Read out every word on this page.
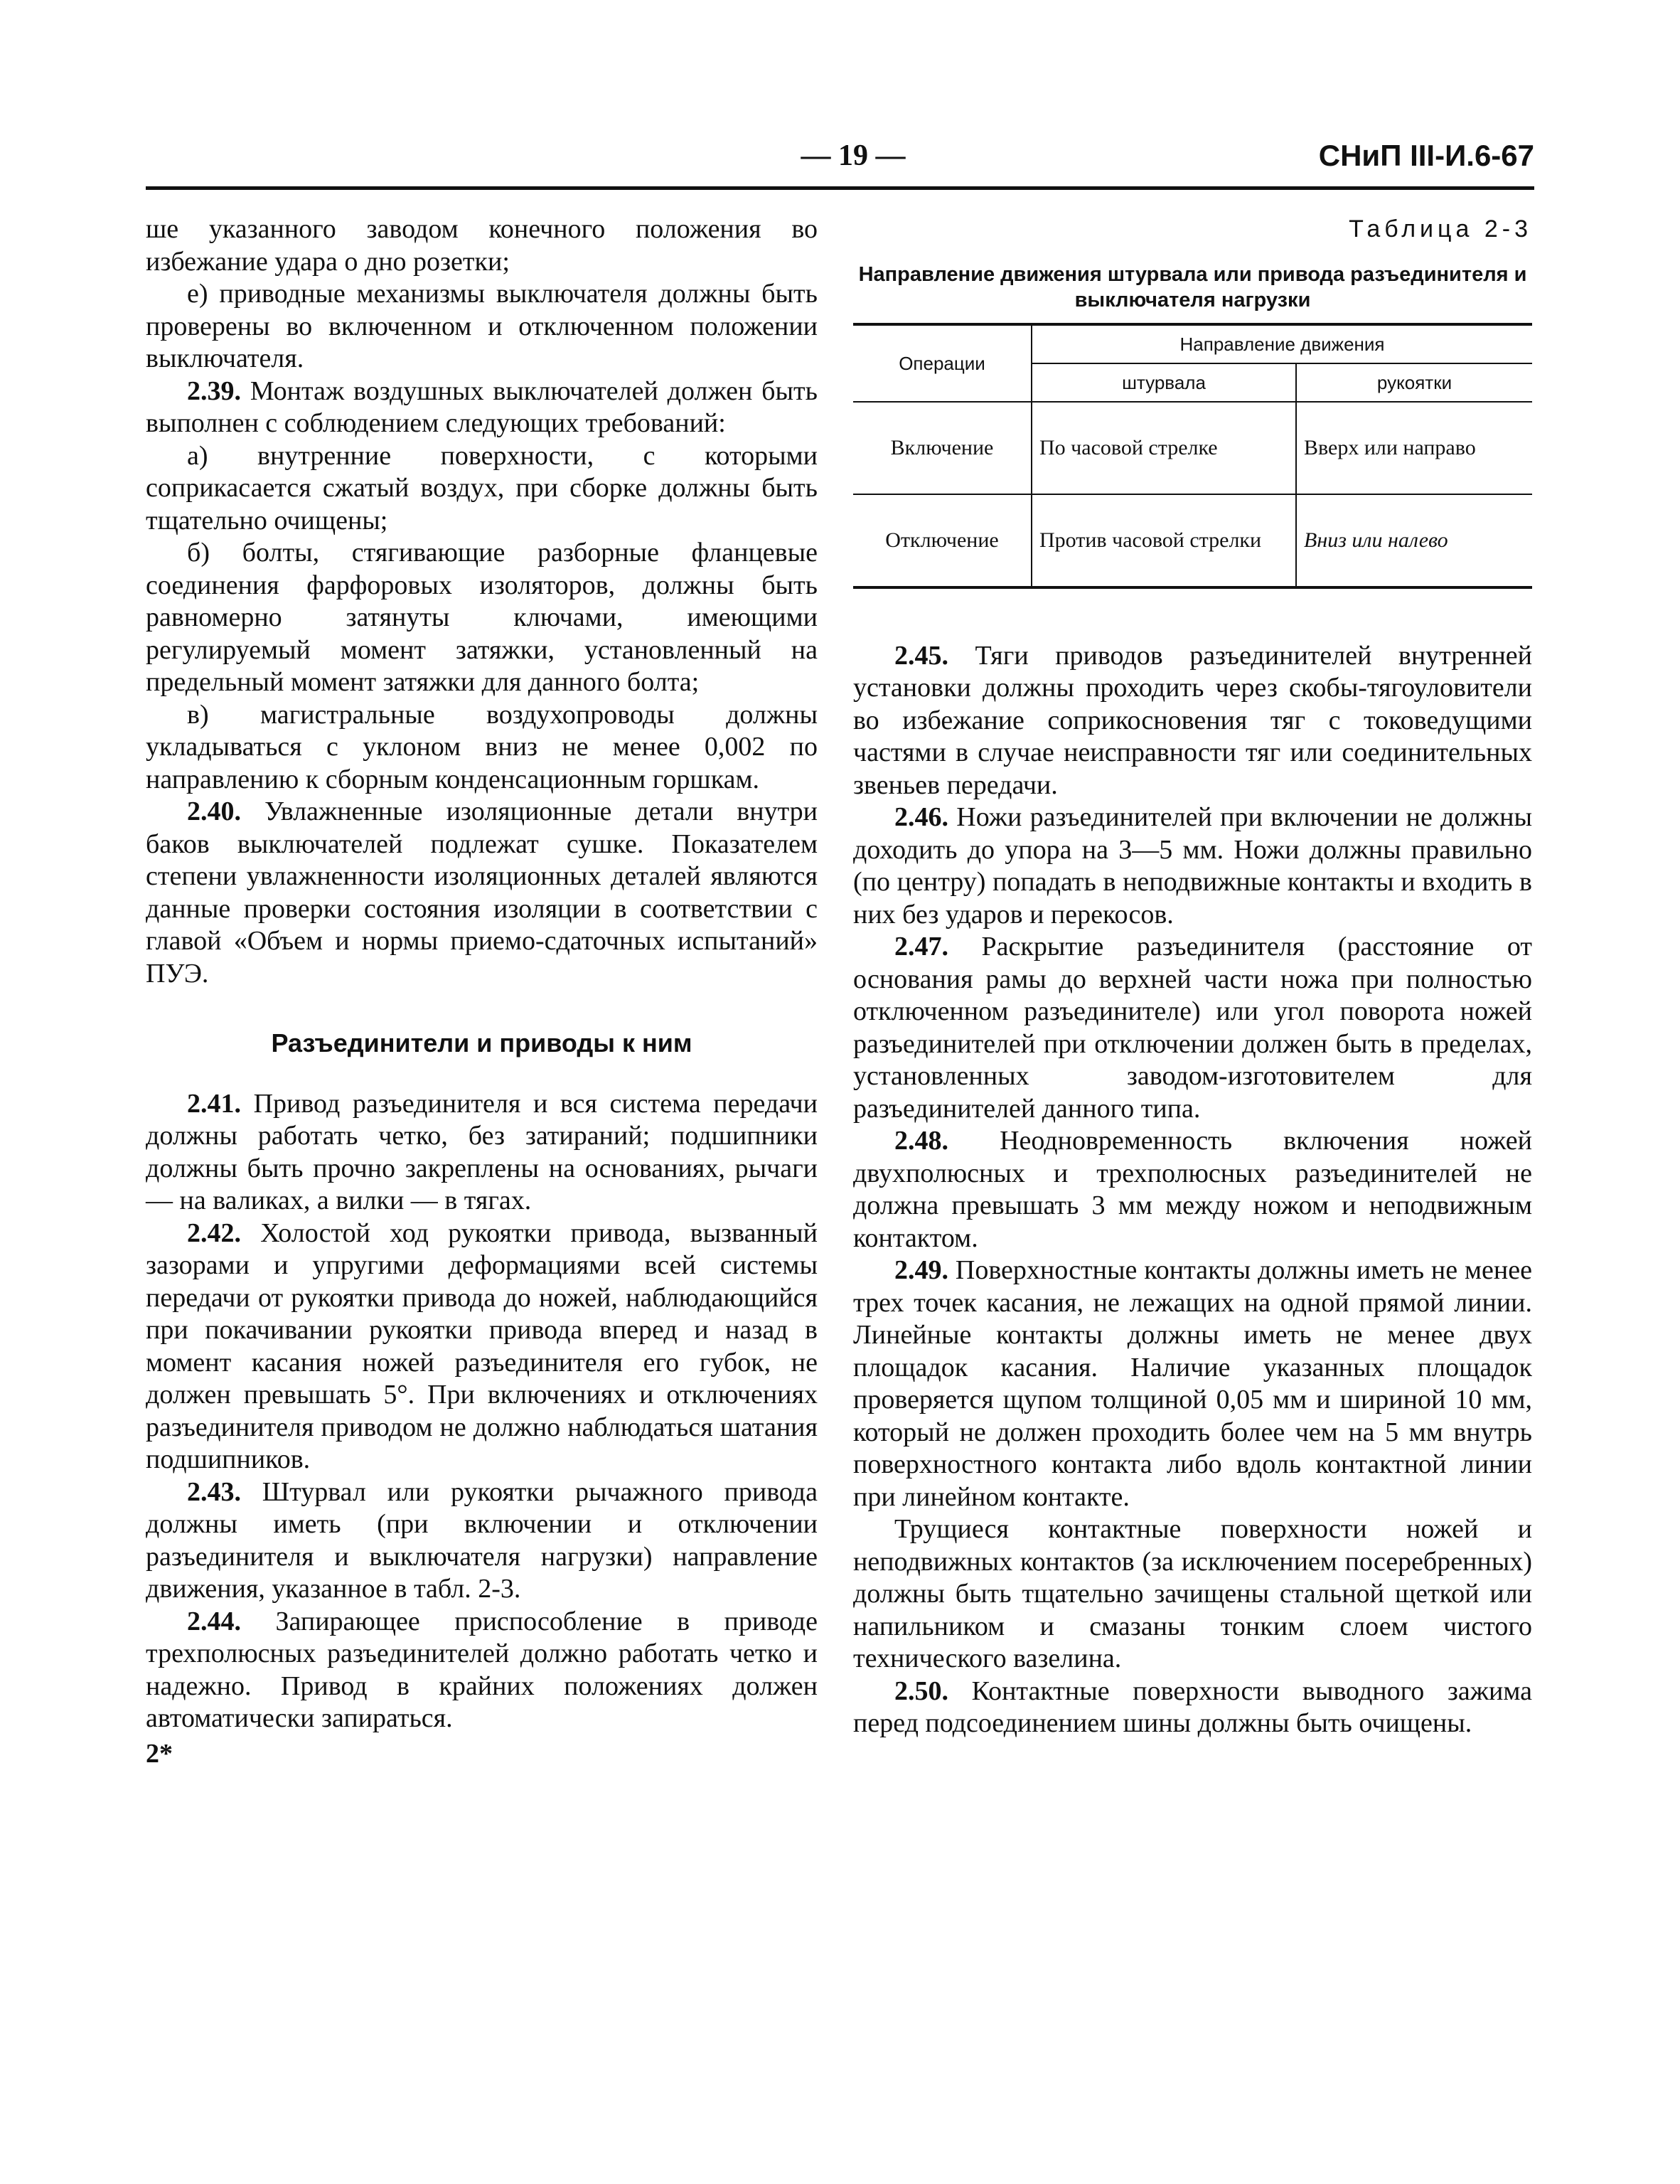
— 19 —	СНиП III-И.6-67

ше указанного заводом конечного положения во избежание удара о дно розетки;

е) приводные механизмы выключателя должны быть проверены во включенном и отключенном положении выключателя.

2.39. Монтаж воздушных выключателей должен быть выполнен с соблюдением следующих требований:

а) внутренние поверхности, с которыми соприкасается сжатый воздух, при сборке должны быть тщательно очищены;

б) болты, стягивающие разборные фланцевые соединения фарфоровых изоляторов, должны быть равномерно затянуты ключами, имеющими регулируемый момент затяжки, установленный на предельный момент затяжки для данного болта;

в) магистральные воздухопроводы должны укладываться с уклоном вниз не менее 0,002 по направлению к сборным конденсационным горшкам.

2.40. Увлажненные изоляционные детали внутри баков выключателей подлежат сушке. Показателем степени увлажненности изоляционных деталей являются данные проверки состояния изоляции в соответствии с главой «Объем и нормы приемо-сдаточных испытаний» ПУЭ.

Разъединители и приводы к ним

2.41. Привод разъединителя и вся система передачи должны работать четко, без затираний; подшипники должны быть прочно закреплены на основаниях, рычаги — на валиках, а вилки — в тягах.

2.42. Холостой ход рукоятки привода, вызванный зазорами и упругими деформациями всей системы передачи от рукоятки привода до ножей, наблюдающийся при покачивании рукоятки привода вперед и назад в момент касания ножей разъединителя его губок, не должен превышать 5°. При включениях и отключениях разъединителя приводом не должно наблюдаться шатания подшипников.

2.43. Штурвал или рукоятки рычажного привода должны иметь (при включении и отключении разъединителя и выключателя нагрузки) направление движения, указанное в табл. 2-3.

2.44. Запирающее приспособление в приводе трехполюсных разъединителей должно работать четко и надежно. Привод в крайних положениях должен автоматически запираться.

2*
Таблица 2-3
Направление движения штурвала или привода разъединителя и выключателя нагрузки
Операции	Направление движения	
	штурвала	рукоятки
Включение	По часовой стрелке	Вверх или направо
Отключение	Против часовой стрелки	Вниз или налево

2.45. Тяги приводов разъединителей внутренней установки должны проходить через скобы-тягоуловители во избежание соприкосновения тяг с токоведущими частями в случае неисправности тяг или соединительных звеньев передачи.

2.46. Ножи разъединителей при включении не должны доходить до упора на 3—5 мм. Ножи должны правильно (по центру) попадать в неподвижные контакты и входить в них без ударов и перекосов.

2.47. Раскрытие разъединителя (расстояние от основания рамы до верхней части ножа при полностью отключенном разъединителе) или угол поворота ножей разъединителей при отключении должен быть в пределах, установленных заводом-изготовителем для разъединителей данного типа.

2.48. Неодновременность включения ножей двухполюсных и трехполюсных разъединителей не должна превышать 3 мм между ножом и неподвижным контактом.

2.49. Поверхностные контакты должны иметь не менее трех точек касания, не лежащих на одной прямой линии. Линейные контакты должны иметь не менее двух площадок касания. Наличие указанных площадок проверяется щупом толщиной 0,05 мм и шириной 10 мм, который не должен проходить более чем на 5 мм внутрь поверхностного контакта либо вдоль контактной линии при линейном контакте.

Трущиеся контактные поверхности ножей и неподвижных контактов (за исключением посеребренных) должны быть тщательно зачищены стальной щеткой или напильником и смазаны тонким слоем чистого технического вазелина.

2.50. Контактные поверхности выводного зажима перед подсоединением шины должны быть очищены.
